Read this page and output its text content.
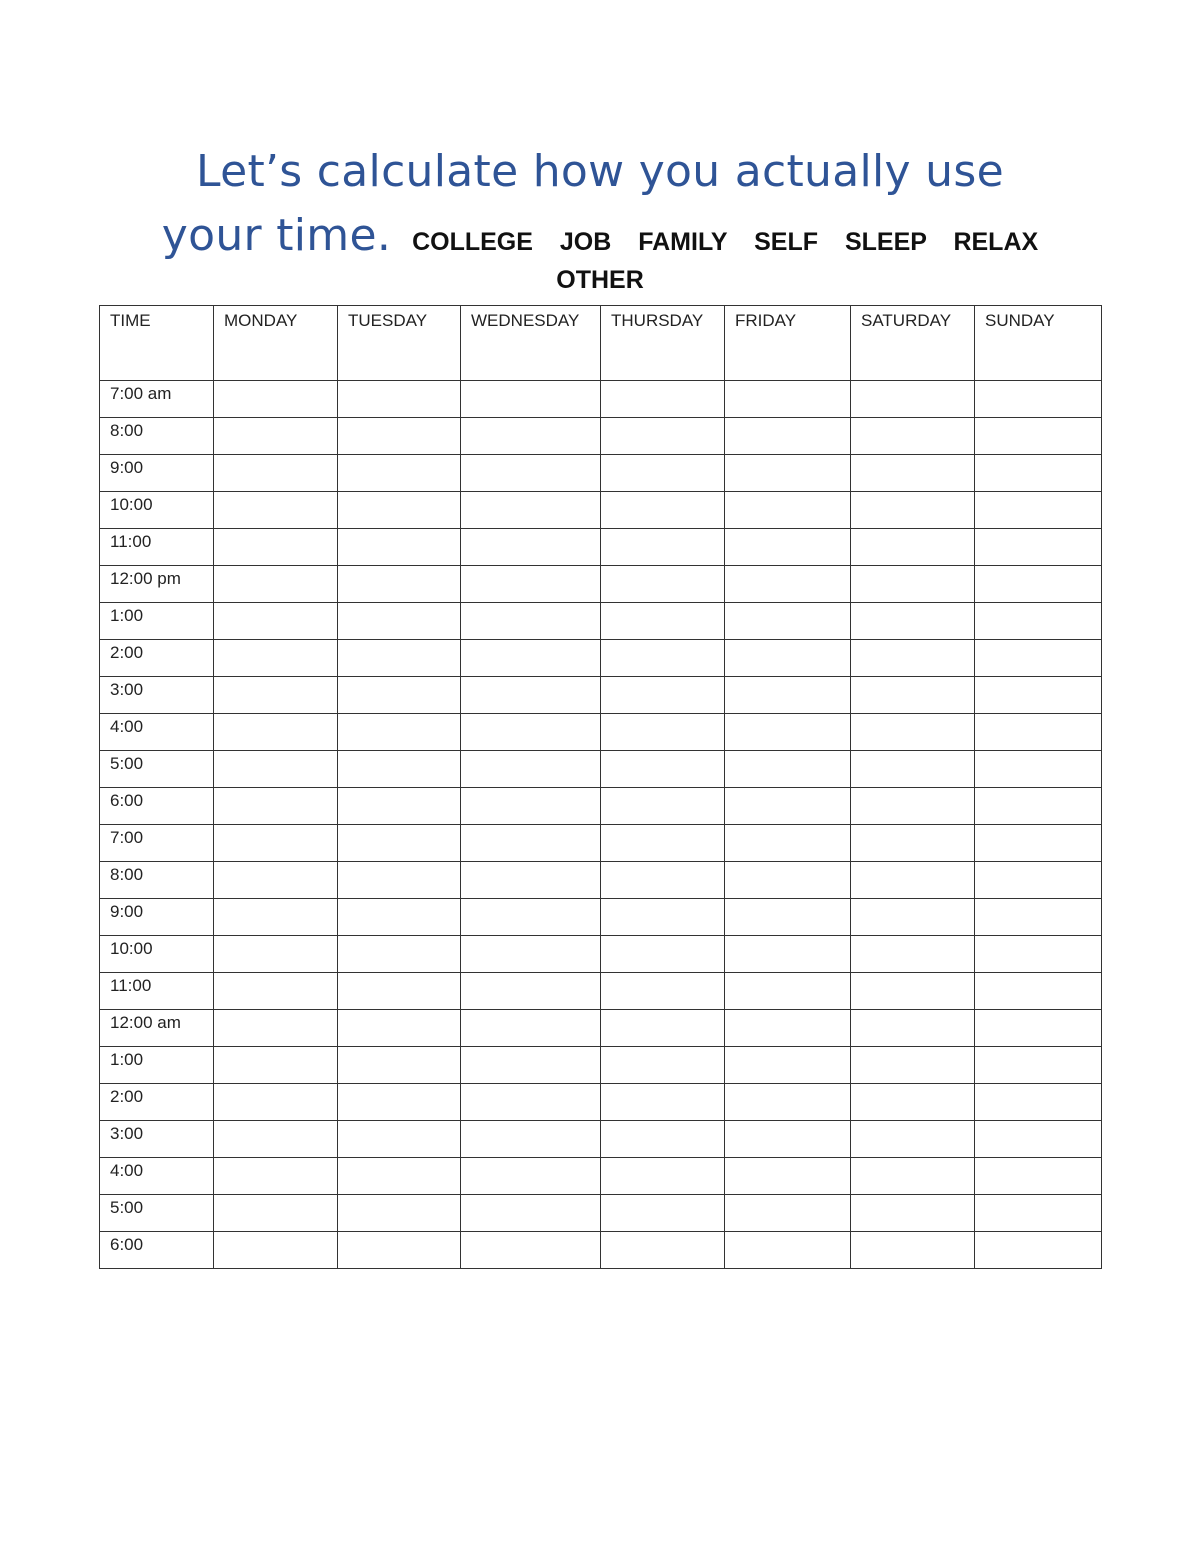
Let’s calculate how you actually use
your time. COLLEGE JOB FAMILY SELF SLEEP RELAX
OTHER
TIME	MONDAY	TUESDAY	WEDNESDAY	THURSDAY	FRIDAY	SATURDAY	SUNDAY
7:00 am							
8:00							
9:00							
10:00							
11:00							
12:00 pm							
1:00							
2:00							
3:00							
4:00							
5:00							
6:00							
7:00							
8:00							
9:00							
10:00							
11:00							
12:00 am							
1:00							
2:00							
3:00							
4:00							
5:00							
6:00							
